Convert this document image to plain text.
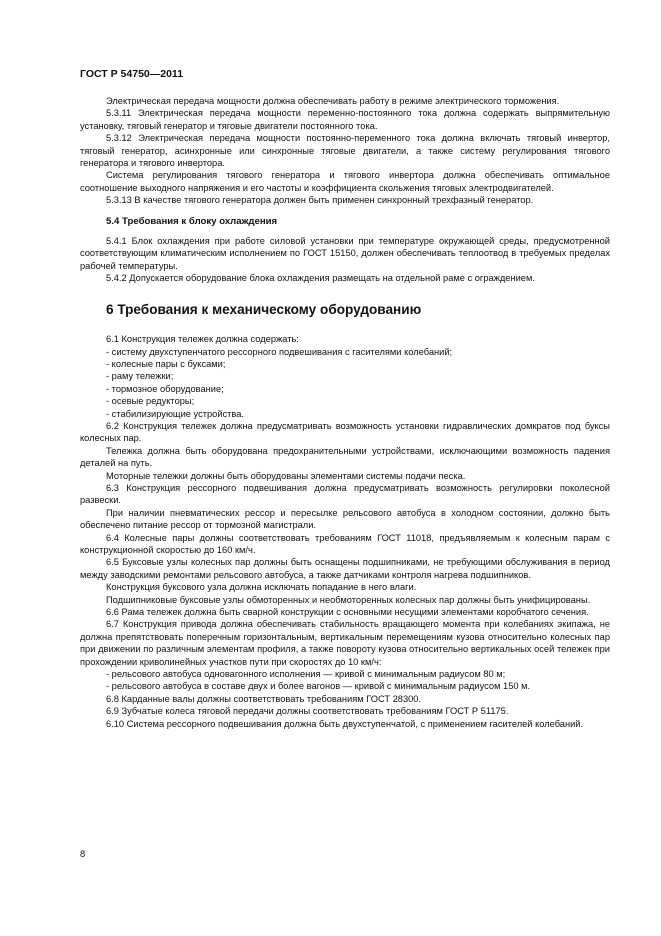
ГОСТ Р 54750—2011

Электрическая передача мощности должна обеспечивать работу в режиме электрического торможения.

5.3.11 Электрическая передача мощности переменно-постоянного тока должна содержать выпрямительную установку, тяговый генератор и тяговые двигатели постоянного тока.

5.3.12 Электрическая передача мощности постоянно-переменного тока должна включать тяговый инвертор, тяговый генератор, асинхронные или синхронные тяговые двигатели, а также систему регулирования тягового генератора и тягового инвертора.

Система регулирования тягового генератора и тягового инвертора должна обеспечивать оптимальное соотношение выходного напряжения и его частоты и коэффициента скольжения тяговых электродвигателей.

5.3.13 В качестве тягового генератора должен быть применен синхронный трехфазный генератор.

5.4 Требования к блоку охлаждения

5.4.1 Блок охлаждения при работе силовой установки при температуре окружающей среды, предусмотренной соответствующим климатическим исполнением по ГОСТ 15150, должен обеспечивать теплоотвод в требуемых пределах рабочей температуры.

5.4.2 Допускается оборудование блока охлаждения размещать на отдельной раме с ограждением.

6 Требования к механическому оборудованию

6.1 Конструкция тележек должна содержать:

- систему двухступенчатого рессорного подвешивания с гасителями колебаний;
- колесные пары с буксами;
- раму тележки;
- тормозное оборудование;
- осевые редукторы;
- стабилизирующие устройства.

6.2 Конструкция тележек должна предусматривать возможность установки гидравлических домкратов под буксы колесных пар.

Тележка должна быть оборудована предохранительными устройствами, исключающими возможность падения деталей на путь.

Моторные тележки должны быть оборудованы элементами системы подачи песка.

6.3 Конструкция рессорного подвешивания должна предусматривать возможность регулировки поколесной развески.

При наличии пневматических рессор и пересылке рельсового автобуса в холодном состоянии, должно быть обеспечено питание рессор от тормозной магистрали.

6.4 Колесные пары должны соответствовать требованиям ГОСТ 11018, предъявляемым к колесным парам с конструкционной скоростью до 160 км/ч.

6.5 Буксовые узлы колесных пар должны быть оснащены подшипниками, не требующими обслуживания в период между заводскими ремонтами рельсового автобуса, а также датчиками контроля нагрева подшипников.

Конструкция буксового узла должна исключать попадание в него влаги.

Подшипниковые буксовые узлы обмоторенных и необмоторенных колесных пар должны быть унифицированы.

6.6 Рама тележек должна быть сварной конструкции с основными несущими элементами коробчатого сечения.

6.7 Конструкция привода должна обеспечивать стабильность вращающего момента при колебаниях экипажа, не должна препятствовать поперечным горизонтальным, вертикальным перемещениям кузова относительно колесных пар при движении по различным элементам профиля, а также повороту кузова относительно вертикальных осей тележек при прохождении криволинейных участков пути при скоростях до 10 км/ч:

- рельсового автобуса одновагонного исполнения — кривой с минимальным радиусом 80 м;
- рельсового автобуса в составе двух и более вагонов — кривой с минимальным радиусом 150 м.

6.8 Карданные валы должны соответствовать требованиям ГОСТ 28300.

6.9 Зубчатые колеса тяговой передачи должны соответствовать требованиям ГОСТ Р 51175.

6.10 Система рессорного подвешивания должна быть двухступенчатой, с применением гасителей колебаний.

8
